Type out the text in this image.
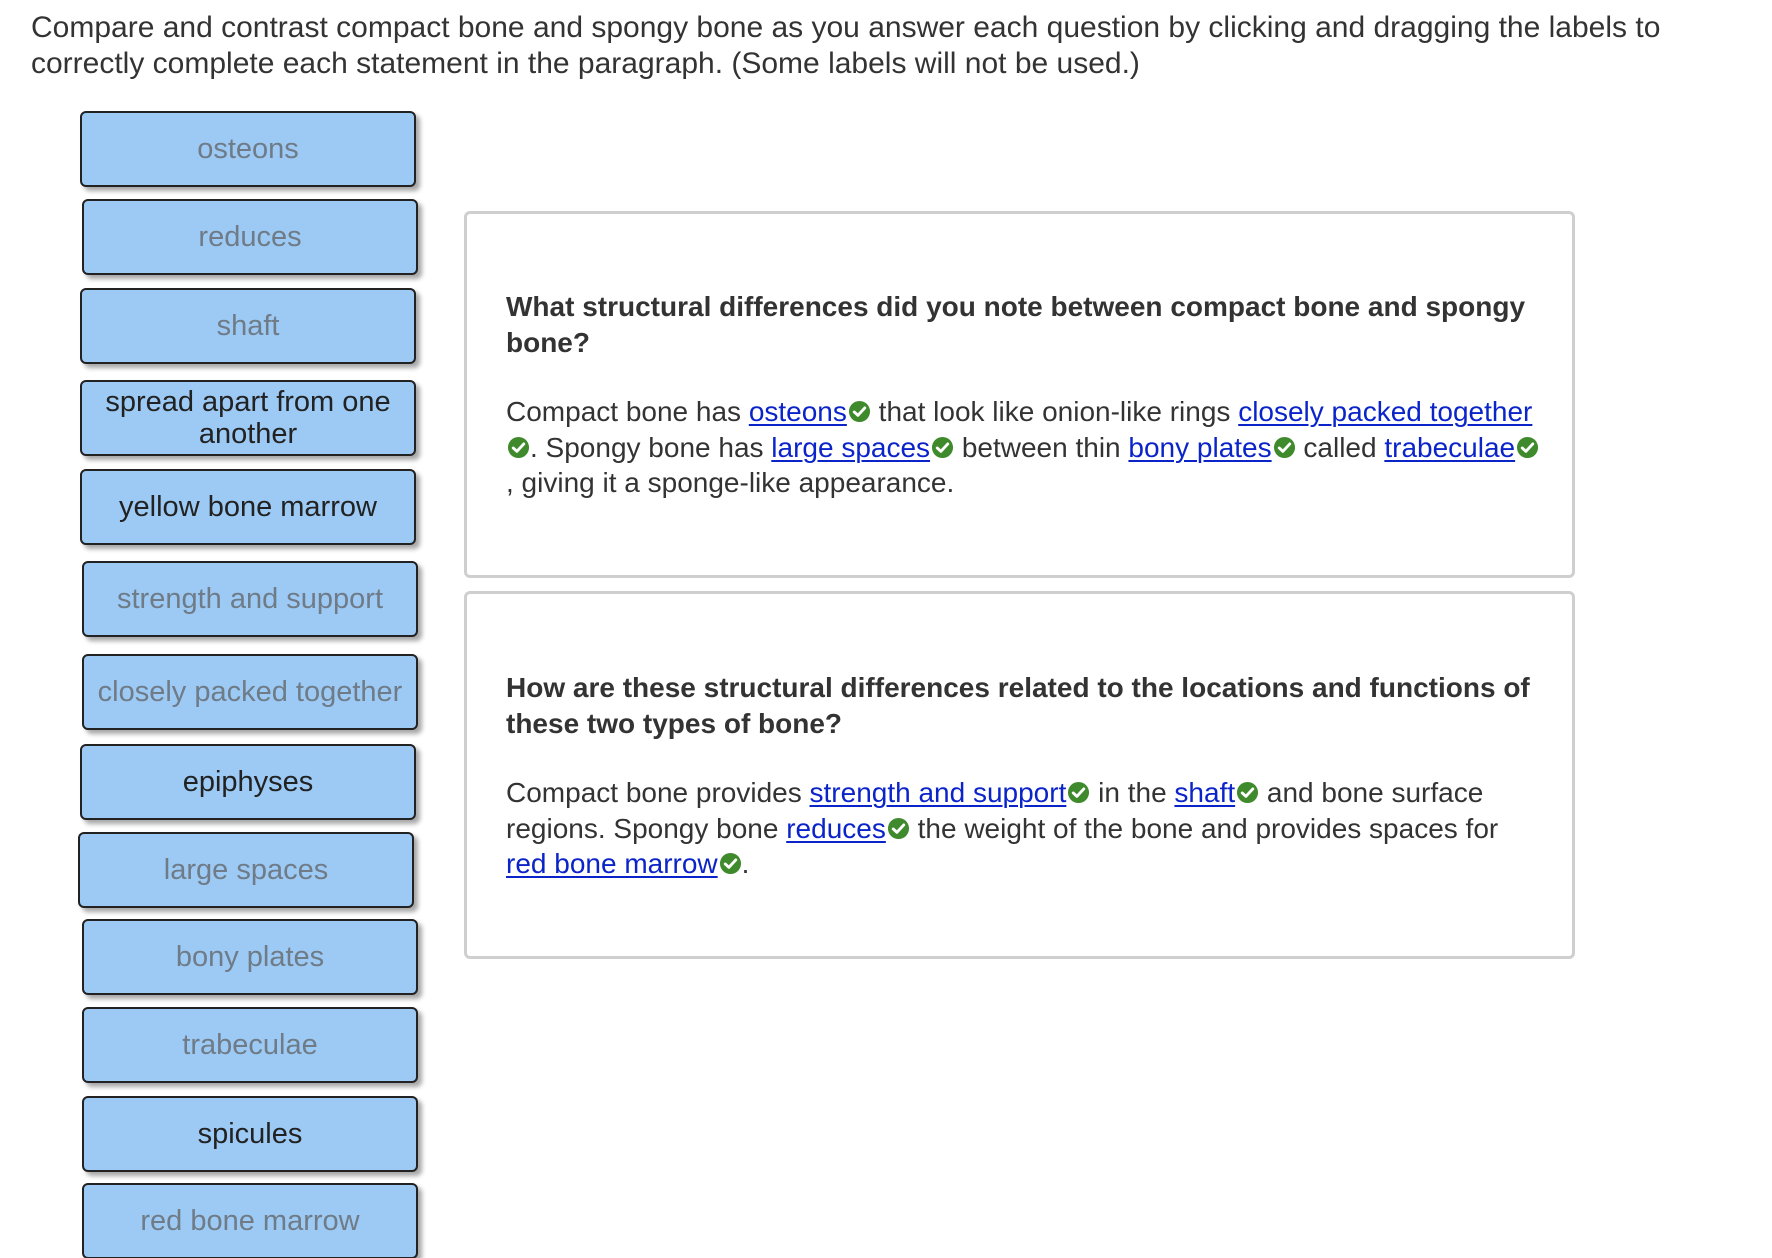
Compare and contrast compact bone and spongy bone as you answer each question by clicking and dragging the labels to correctly complete each statement in the paragraph. (Some labels will not be used.)

osteons
reduces
shaft
spread apart from one another
yellow bone marrow
strength and support
closely packed together
epiphyses
large spaces
bony plates
trabeculae
spicules
red bone marrow

What structural differences did you note between compact bone and spongy bone?

Compact bone has osteons that look like onion-like rings closely packed together. Spongy bone has large spaces between thin bony plates called trabeculae, giving it a sponge-like appearance.

How are these structural differences related to the locations and functions of these two types of bone?

Compact bone provides strength and support in the shaft and bone surface regions. Spongy bone reduces the weight of the bone and provides spaces for red bone marrow .
